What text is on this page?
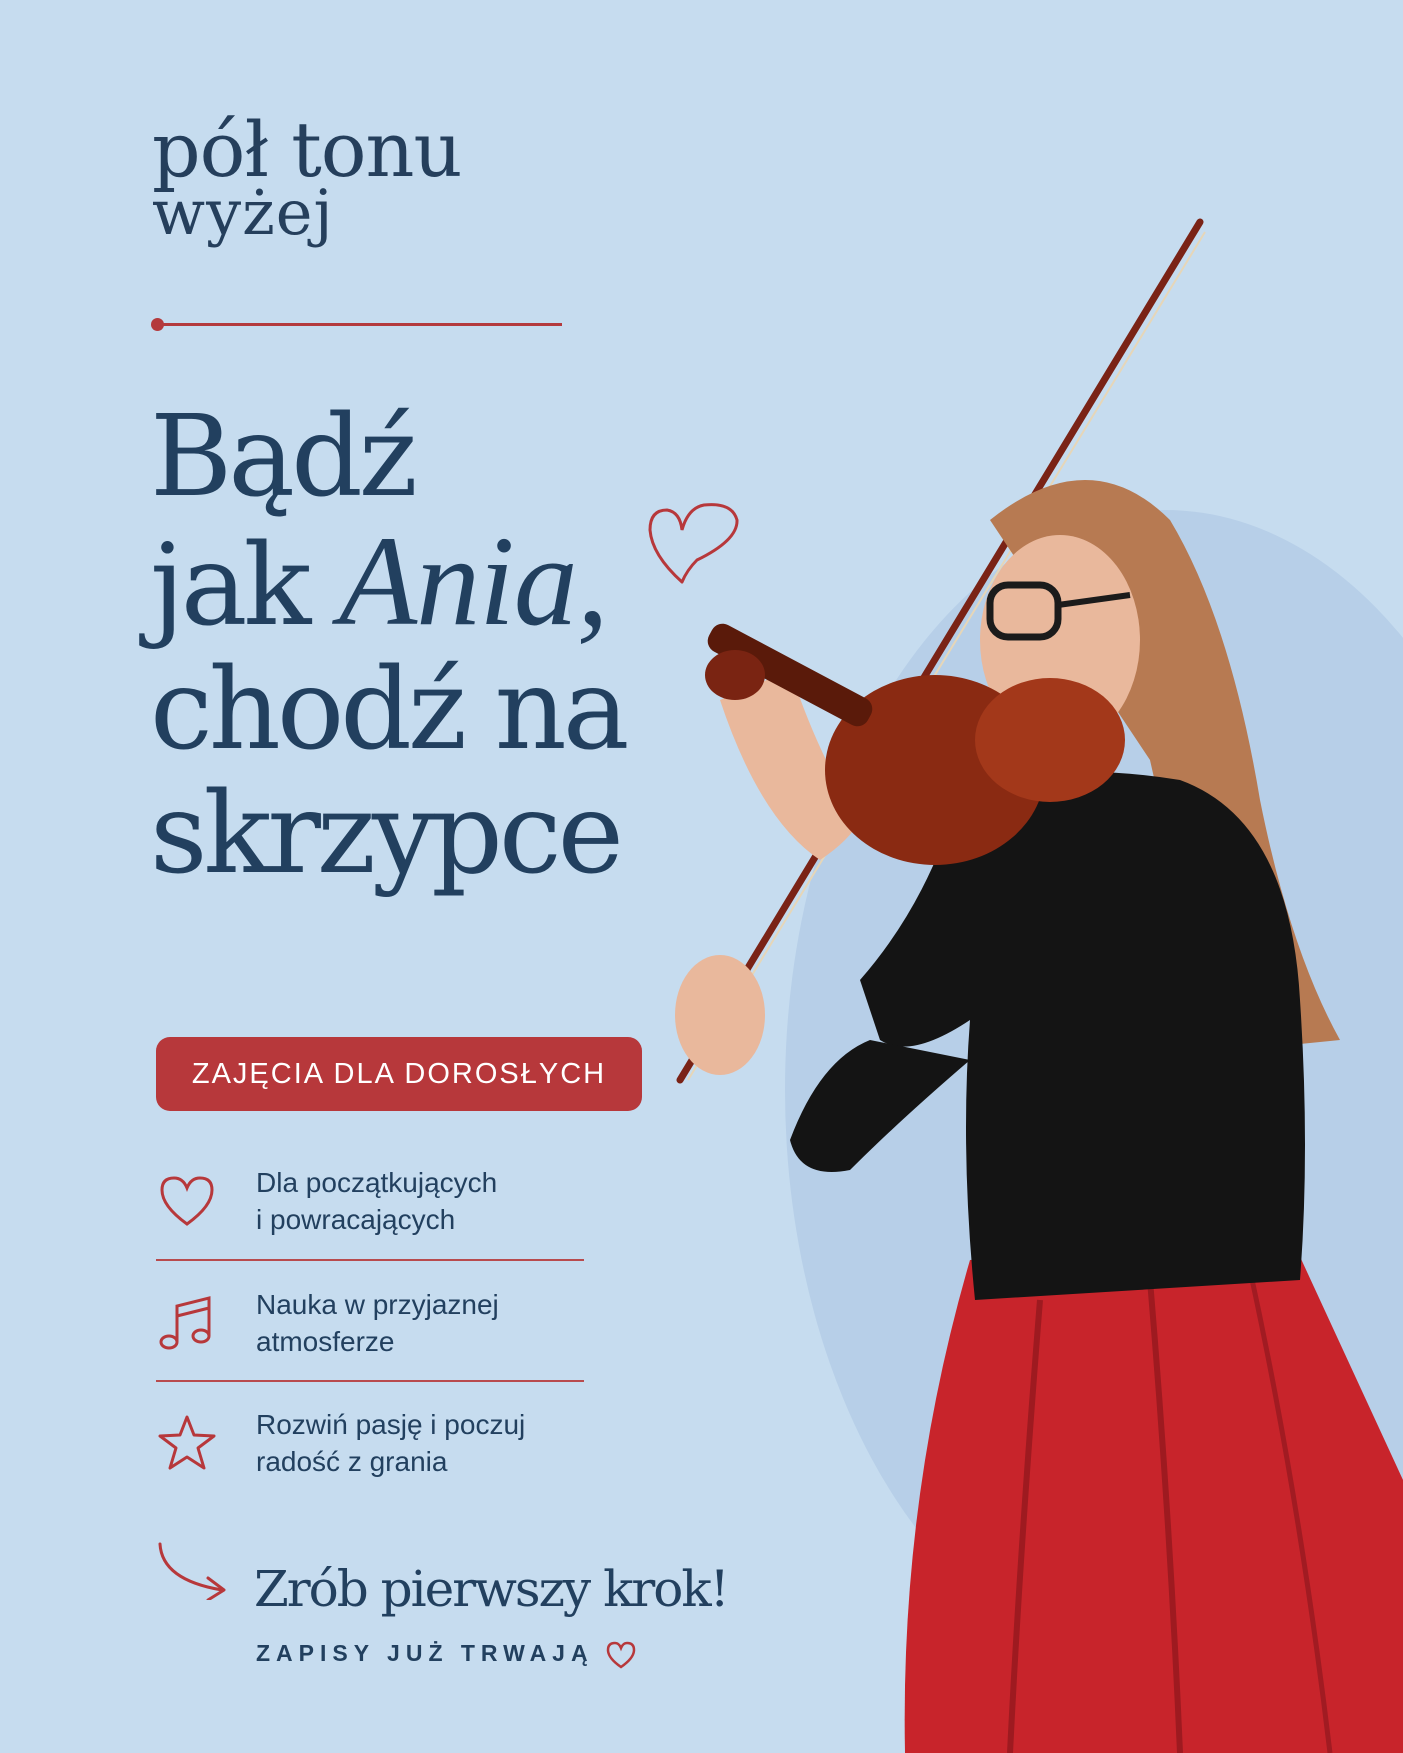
pół tonu
wyżej
Bądź
jak Ania,
chodź na
skrzypce
ZAJĘCIA DLA DOROSŁYCH
Dla początkujących
i powracających
Nauka w przyjaznej
atmosferze
Rozwiń pasję i poczuj
radość z grania
Zrób pierwszy krok!
ZAPISY JUŻ TRWAJĄ
